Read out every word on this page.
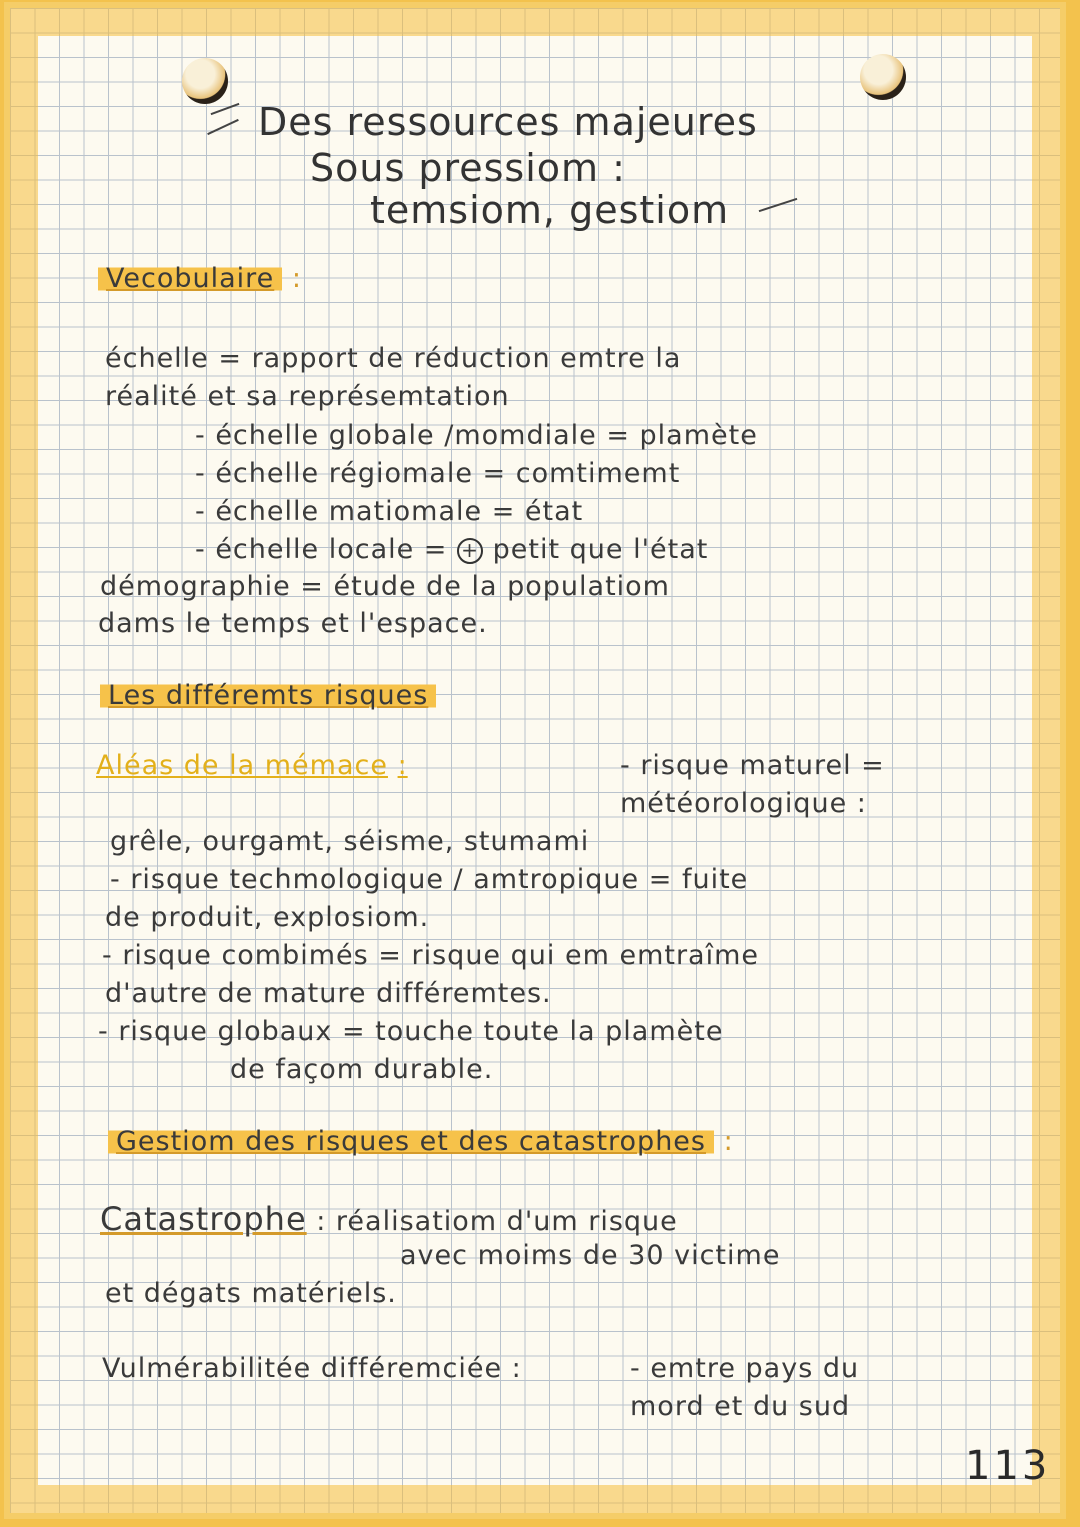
Des ressources majeures
Sous pressiom :
temsiom, gestiom
Vecobulaire :
échelle = rapport de réduction emtre la
réalité et sa représemtation
- échelle globale /momdiale = plamète
- échelle régiomale = comtimemt
- échelle matiomale = état
- échelle locale = + petit que l'état
démographie = étude de la populatiom
dams le temps et l'espace.
Les différemts risques
Aléas de la mémace :	- risque maturel =
météorologique :
grêle, ourgamt, séisme, stumami
- risque techmologique / amtropique = fuite
de produit, explosiom.
- risque combimés = risque qui em emtraîme
d'autre de mature différemtes.
- risque globaux = touche toute la plamète
de façom durable.
Gestiom des risques et des catastrophes :
Catastrophe : réalisatiom d'um risque
avec moims de 30 victime
et dégats matériels.
Vulmérabilitée différemciée :	- emtre pays du
mord et du sud
113
